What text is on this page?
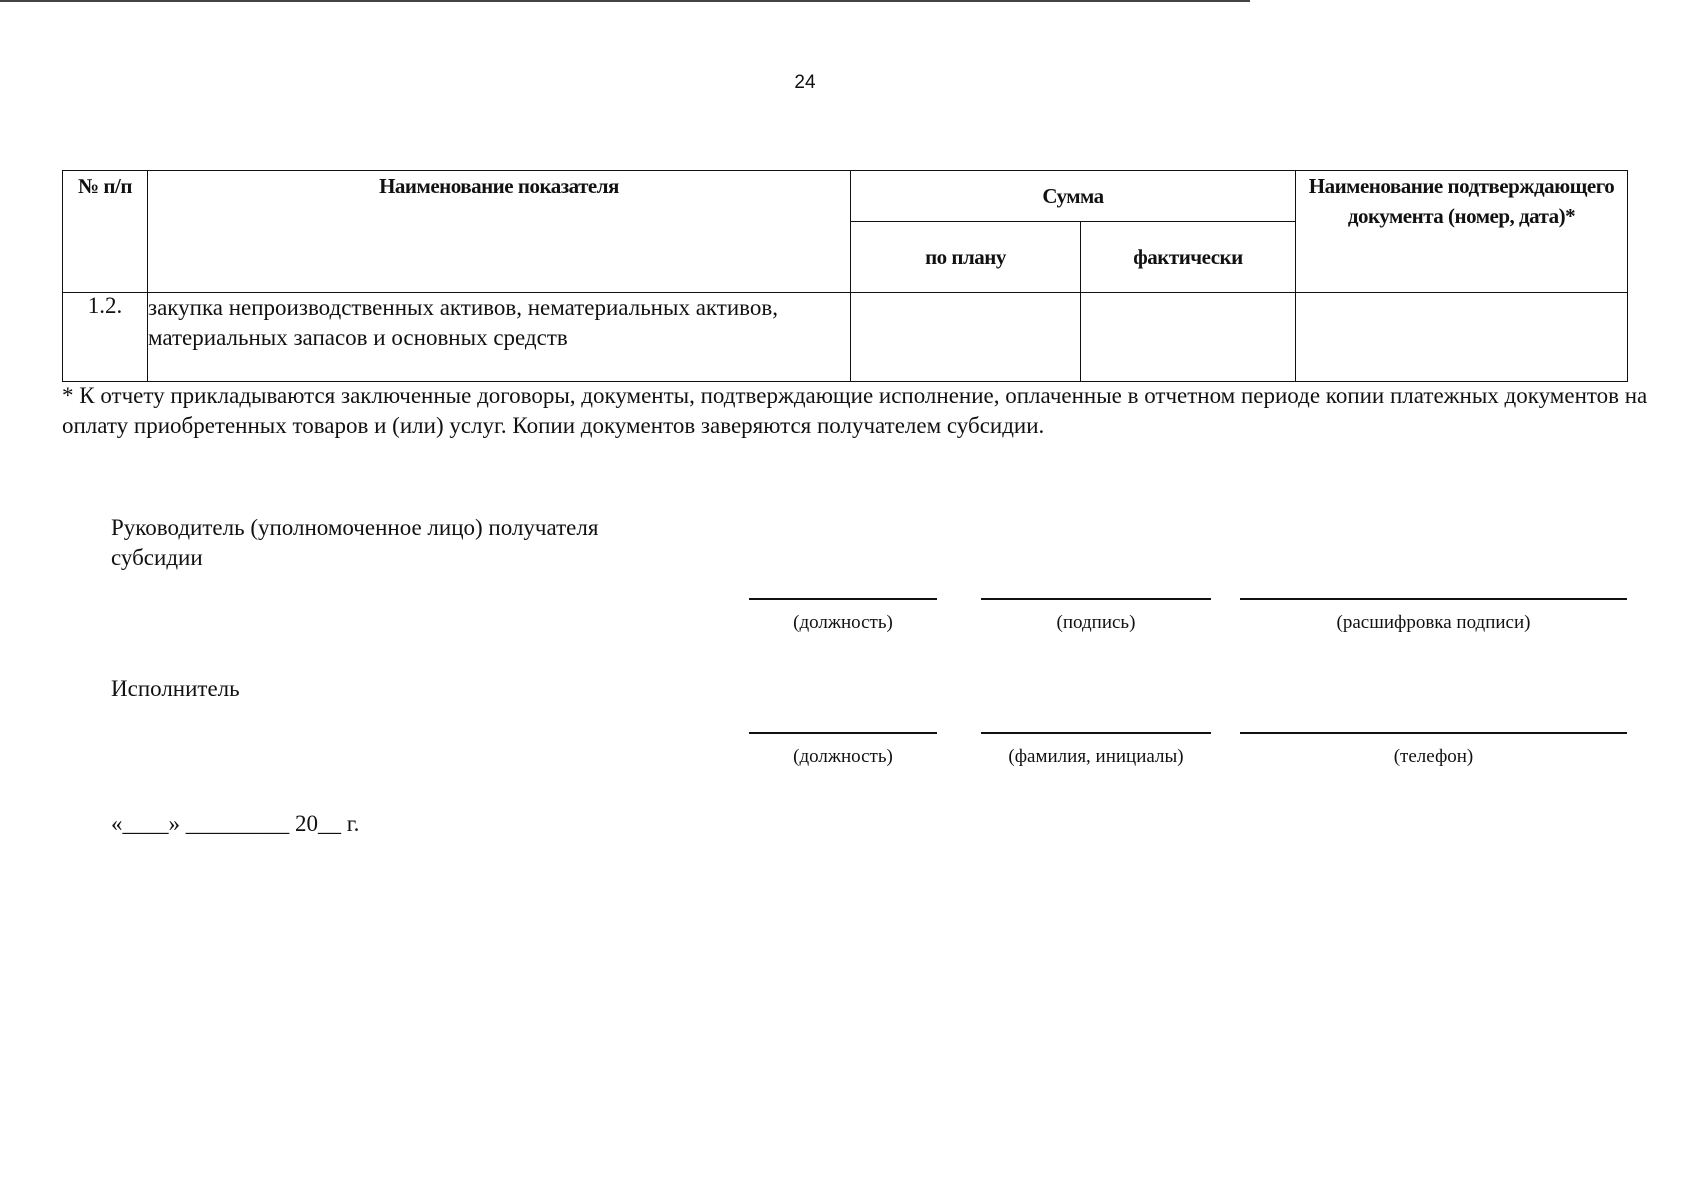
24
№ п/п	Наименование показателя	Сумма		Наименование подтверждающего документа (номер, дата)*
		по плану	фактически	
1.2.	закупка непроизводственных активов, нематериальных активов, материальных запасов и основных средств			
* К отчету прикладываются заключенные договоры, документы, подтверждающие исполнение, оплаченные в отчетном периоде копии платежных документов на оплату приобретенных товаров и (или) услуг. Копии документов заверяются получателем субсидии.
Руководитель (уполномоченное лицо) получателя субсидии
(должность)	(подпись)	(расшифровка подписи)
Исполнитель
(должность)	(фамилия, инициалы)	(телефон)
«____» _________ 20__ г.
